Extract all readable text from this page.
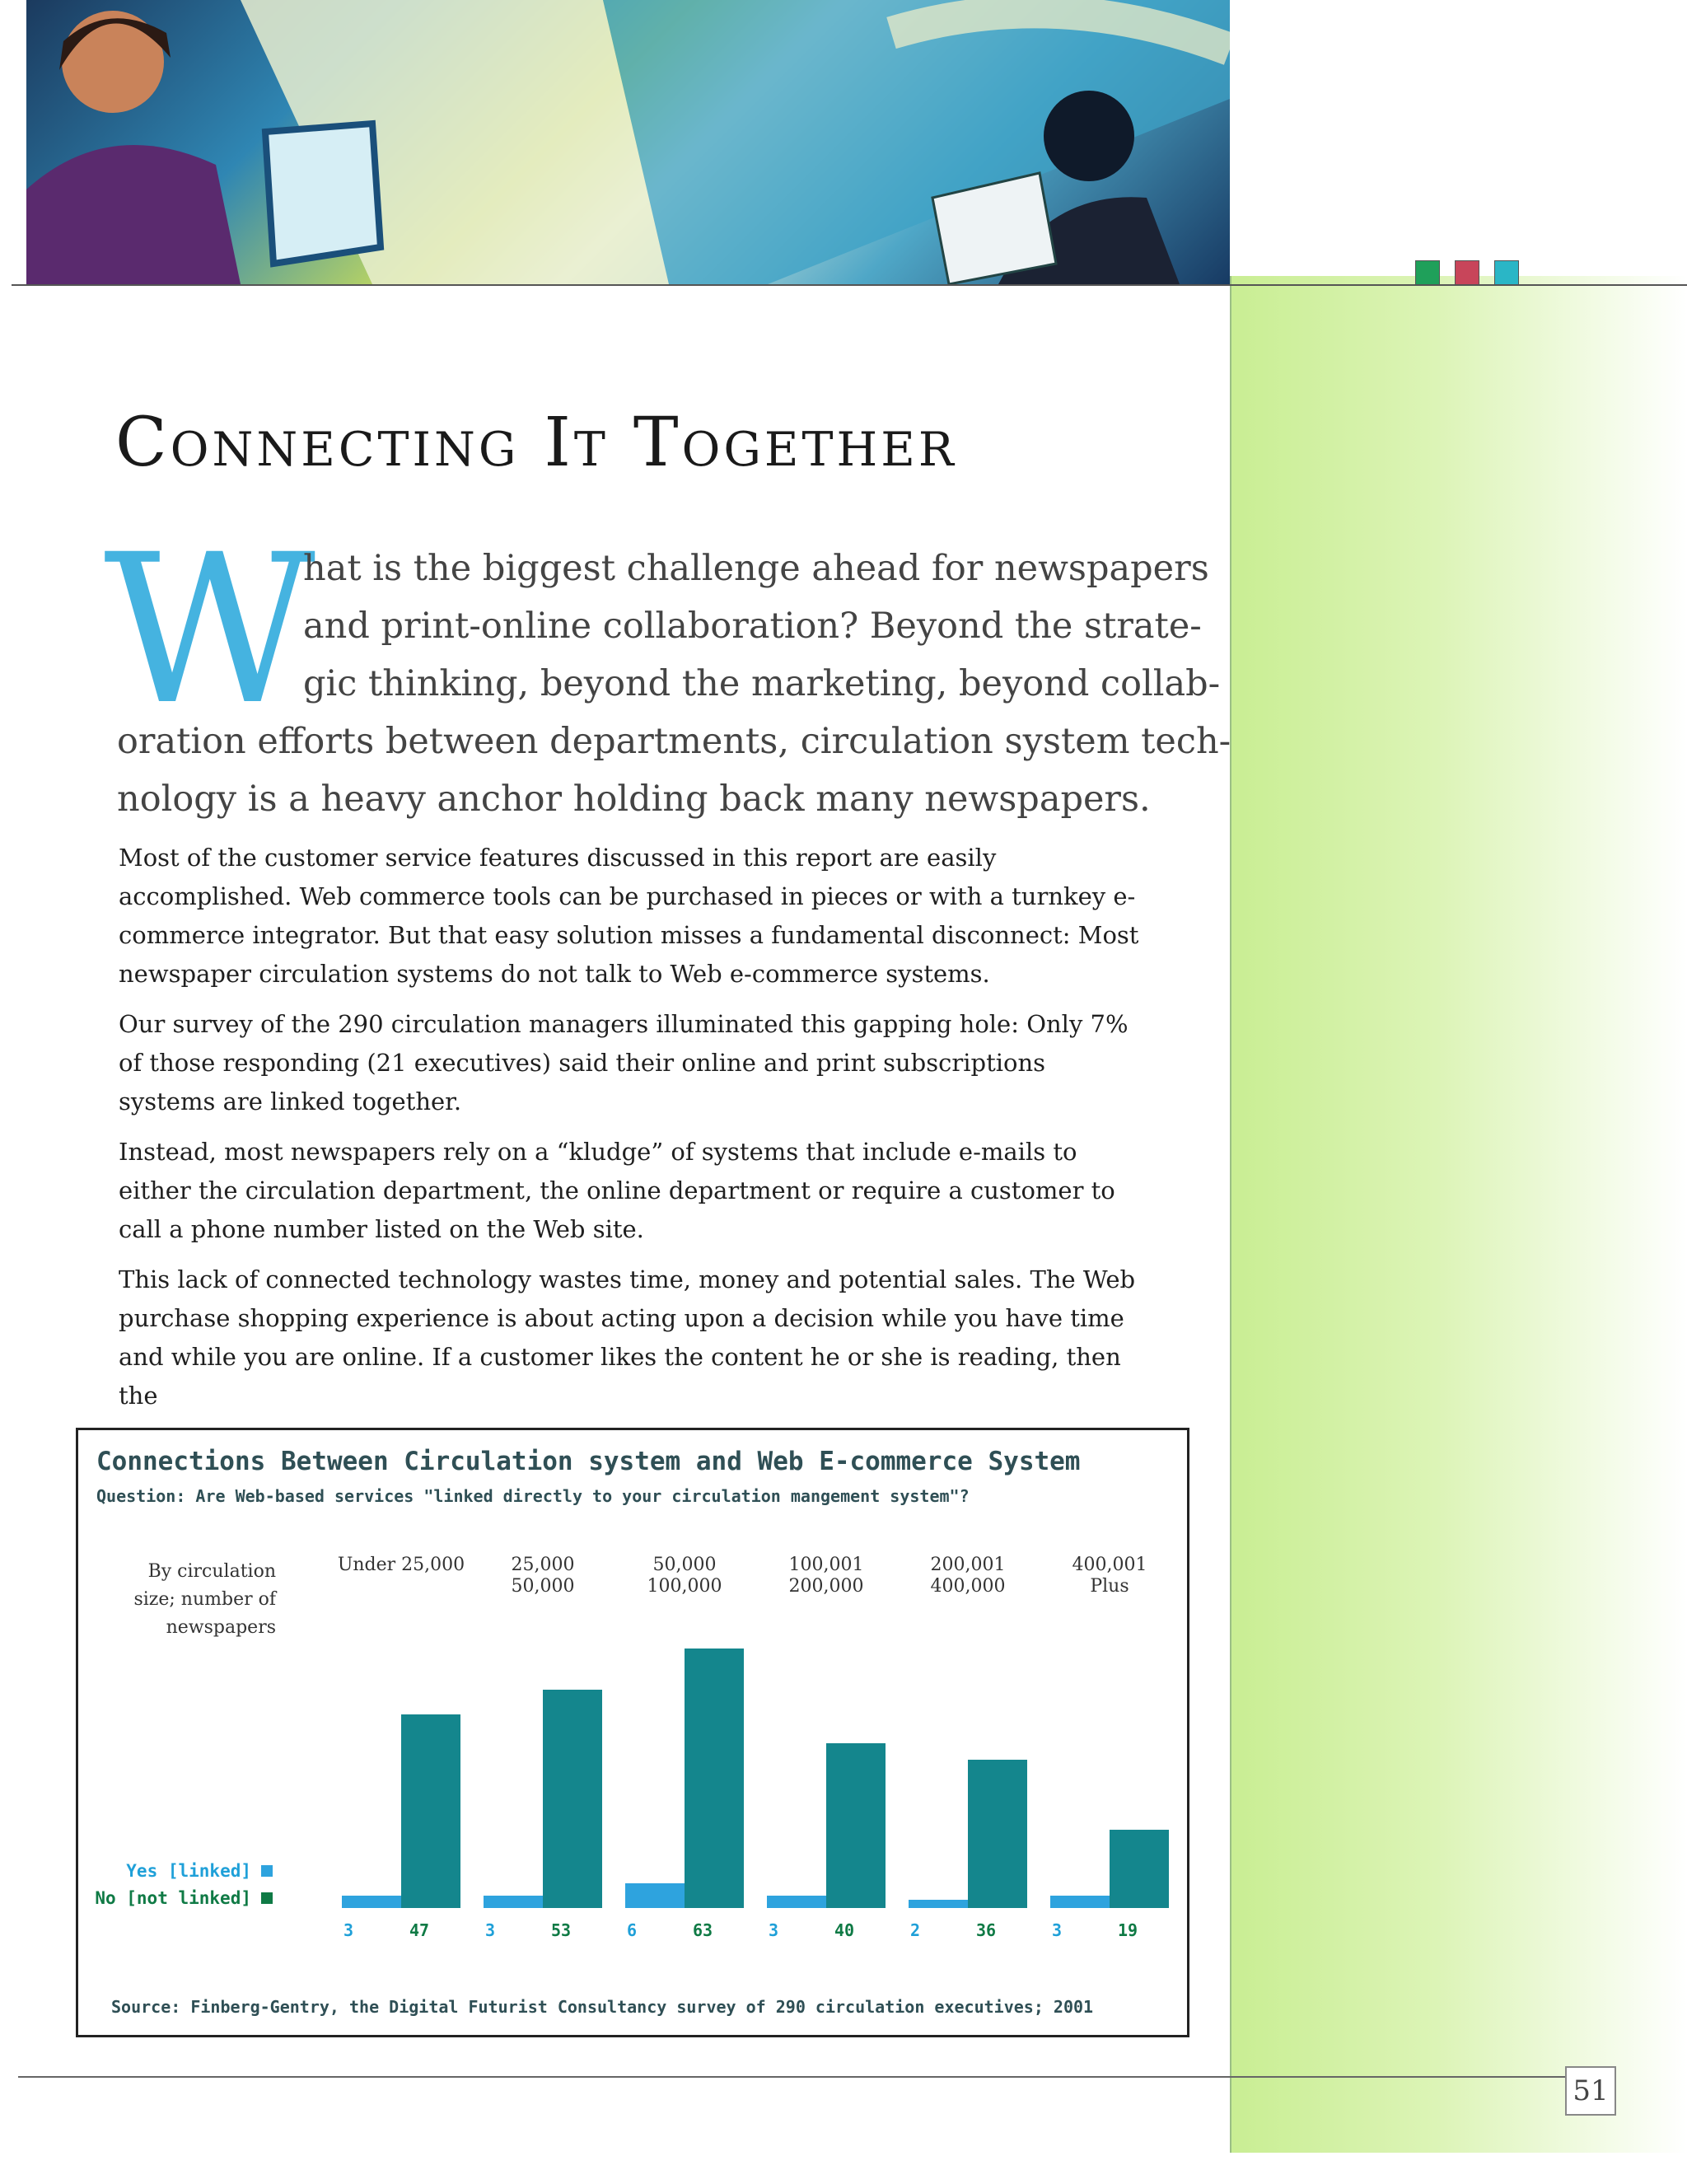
Connecting It Together
W
hat is the biggest challenge ahead for newspapers
and print-online collaboration? Beyond the strate-
gic thinking, beyond the marketing, beyond collab-
oration efforts between departments, circulation system tech-
nology is a heavy anchor holding back many newspapers.

Most of the customer service features discussed in this report are easily accomplished. Web commerce tools can be purchased in pieces or with a turnkey e-commerce integrator. But that easy solution misses a fundamental disconnect: Most newspaper circulation systems do not talk to Web e-commerce systems.

Our survey of the 290 circulation managers illuminated this gapping hole: Only 7% of those responding (21 executives) said their online and print subscriptions systems are linked together.

Instead, most newspapers rely on a “kludge” of systems that include e-mails to either the circulation department, the online department or require a customer to call a phone number listed on the Web site.

This lack of connected technology wastes time, money and potential sales. The Web purchase shopping experience is about acting upon a decision while you have time and while you are online. If a customer likes the content he or she is reading, then the

Connections Between Circulation system and Web E-commerce System

Question: Are Web-based services "linked directly to your circulation mangement system"?

By circulation
size; number of
newspapers
Under 25,000
3	47
25,000
50,000
3	53
50,000
100,000
6	63
100,001
200,000
3	40
200,001
400,000
2	36
400,001
Plus
3	19
Yes [linked]
No [not linked]

Source: Finberg-Gentry, the Digital Futurist Consultancy survey of 290 circulation executives; 2001

51
